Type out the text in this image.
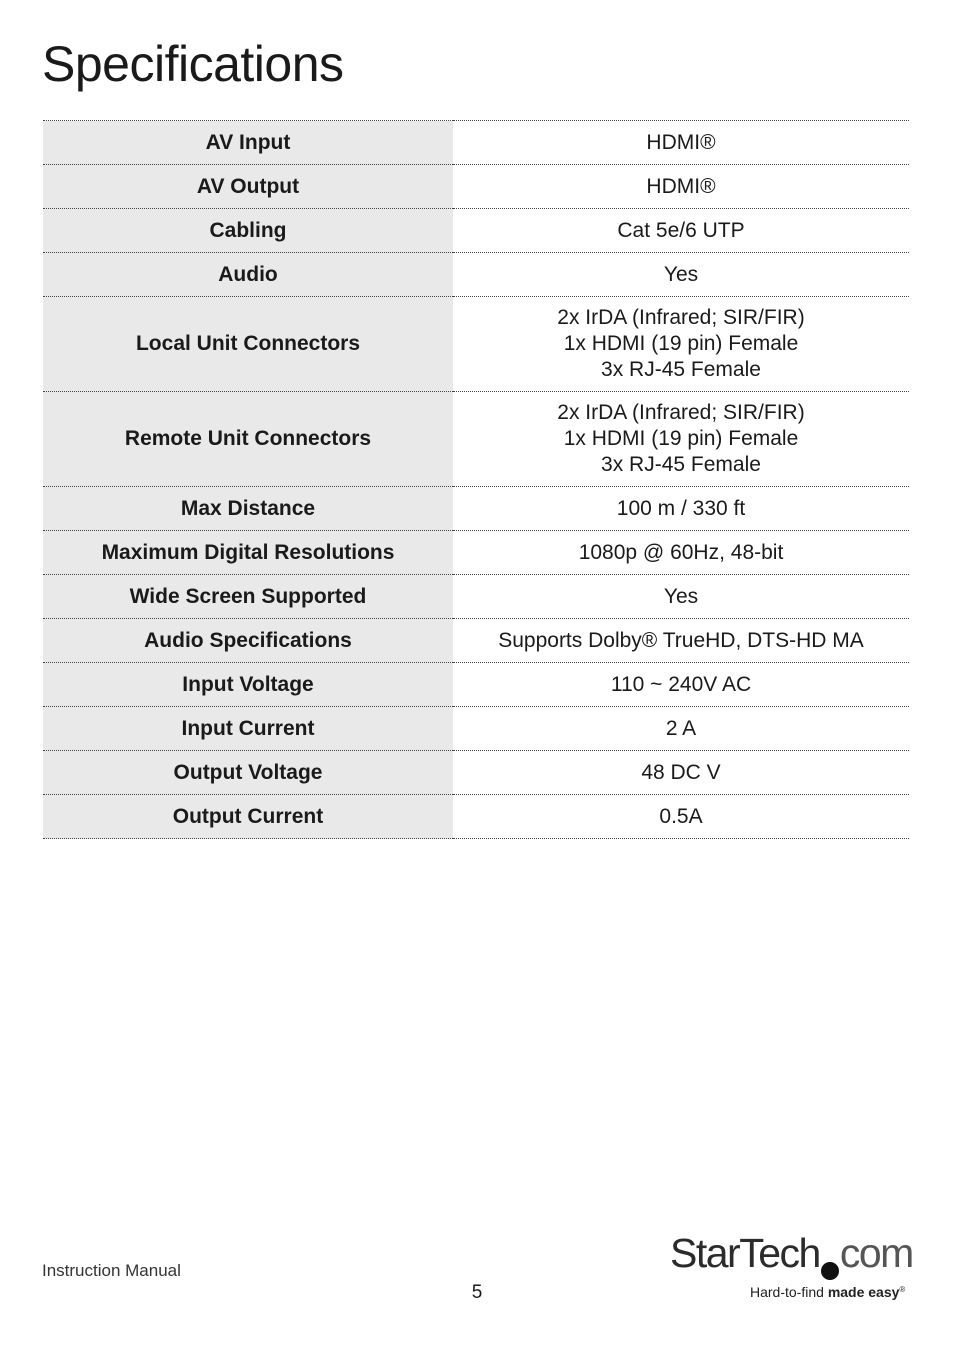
Specifications
AV Input	HDMI®

AV Output	HDMI®

Cabling	Cat 5e/6 UTP

Audio	Yes

Local Unit Connectors	2x IrDA (Infrared; SIR/FIR)
1x HDMI (19 pin) Female
3x RJ-45 Female

Remote Unit Connectors	2x IrDA (Infrared; SIR/FIR)
1x HDMI (19 pin) Female
3x RJ-45 Female

Max Distance	100 m / 330 ft

Maximum Digital Resolutions	1080p @ 60Hz, 48-bit

Wide Screen Supported	Yes

Audio Specifications	Supports Dolby® TrueHD, DTS-HD MA

Input Voltage	110 ~ 240V AC

Input Current	2 A

Output Voltage	48 DC V

Output Current	0.5A
Instruction Manual
5
StarTech com
Hard-to-find made easy®
